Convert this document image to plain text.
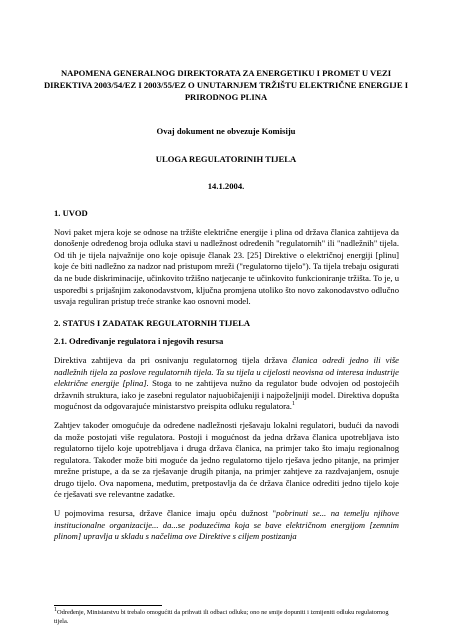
NAPOMENA GENERALNOG DIREKTORATA ZA ENERGETIKU I PROMET U VEZI DIREKTIVA 2003/54/EZ I 2003/55/EZ O UNUTARNJEM TRŽIŠTU ELEKTRIČNE ENERGIJE I PRIRODNOG PLINA
Ovaj dokument ne obvezuje Komisiju
ULOGA REGULATORINIH TIJELA
14.1.2004.
1. UVOD

Novi paket mjera koje se odnose na tržište električne energije i plina od država članica zahtijeva da donošenje određenog broja odluka stavi u nadležnost određenih "regulatornih" ili "nadležnih" tijela. Od tih je tijela najvažnije ono koje opisuje članak 23. [25] Direktive o električnoj energiji [plinu] koje će biti nadležno za nadzor nad pristupom mreži ("regulatorno tijelo"). Ta tijela trebaju osigurati da ne bude diskriminacije, učinkovito tržišno natjecanje te učinkovito funkcioniranje tržišta. To je, u usporedbi s prijašnjim zakonodavstvom, ključna promjena utoliko što novo zakonodavstvo odlučno usvaja reguliran pristup treće stranke kao osnovni model.

2. STATUS I ZADATAK REGULATORNIH TIJELA
2.1. Određivanje regulatora i njegovih resursa

Direktiva zahtijeva da pri osnivanju regulatornog tijela država članica odredi jedno ili više nadležnih tijela za poslove regulatornih tijela. Ta su tijela u cijelosti neovisna od interesa industrije električne energije [plina]. Stoga to ne zahtijeva nužno da regulator bude odvojen od postojećih državnih struktura, iako je zasebni regulator najuobičajeniji i najpoželjniji model. Direktiva dopušta mogućnost da odgovarajuće ministarstvo preispita odluku regulatora.$^1$

Zahtjev također omogućuje da određene nadležnosti rješavaju lokalni regulatori, budući da navodi da može postojati više regulatora. Postoji i mogućnost da jedna država članica upotrebljava isto regulatorno tijelo koje upotrebljava i druga država članica, na primjer tako što imaju regionalnog regulatora. Također može biti moguće da jedno regulatorno tijelo rješava jedno pitanje, na primjer mrežne pristupe, a da se za rješavanje drugih pitanja, na primjer zahtjeve za razdvajanjem, osnuje drugo tijelo. Ova napomena, međutim, pretpostavlja da će država članice odrediti jedno tijelo koje će rješavati sve relevantne zadatke.

U pojmovima resursa, države članice imaju opću dužnost "pobrinuti se... na temelju njihove institucionalne organizacije... da...se poduzećima koja se bave električnom energijom [zemnim plinom] upravlja u skladu s načelima ove Direktive s ciljem postizanja

$^1$Određenje, Ministarstvu bi trebalo omogućiti da prihvati ili odbaci odluku; ono ne smije dopuniti i izmijeniti odluku regulatornog tijela.
